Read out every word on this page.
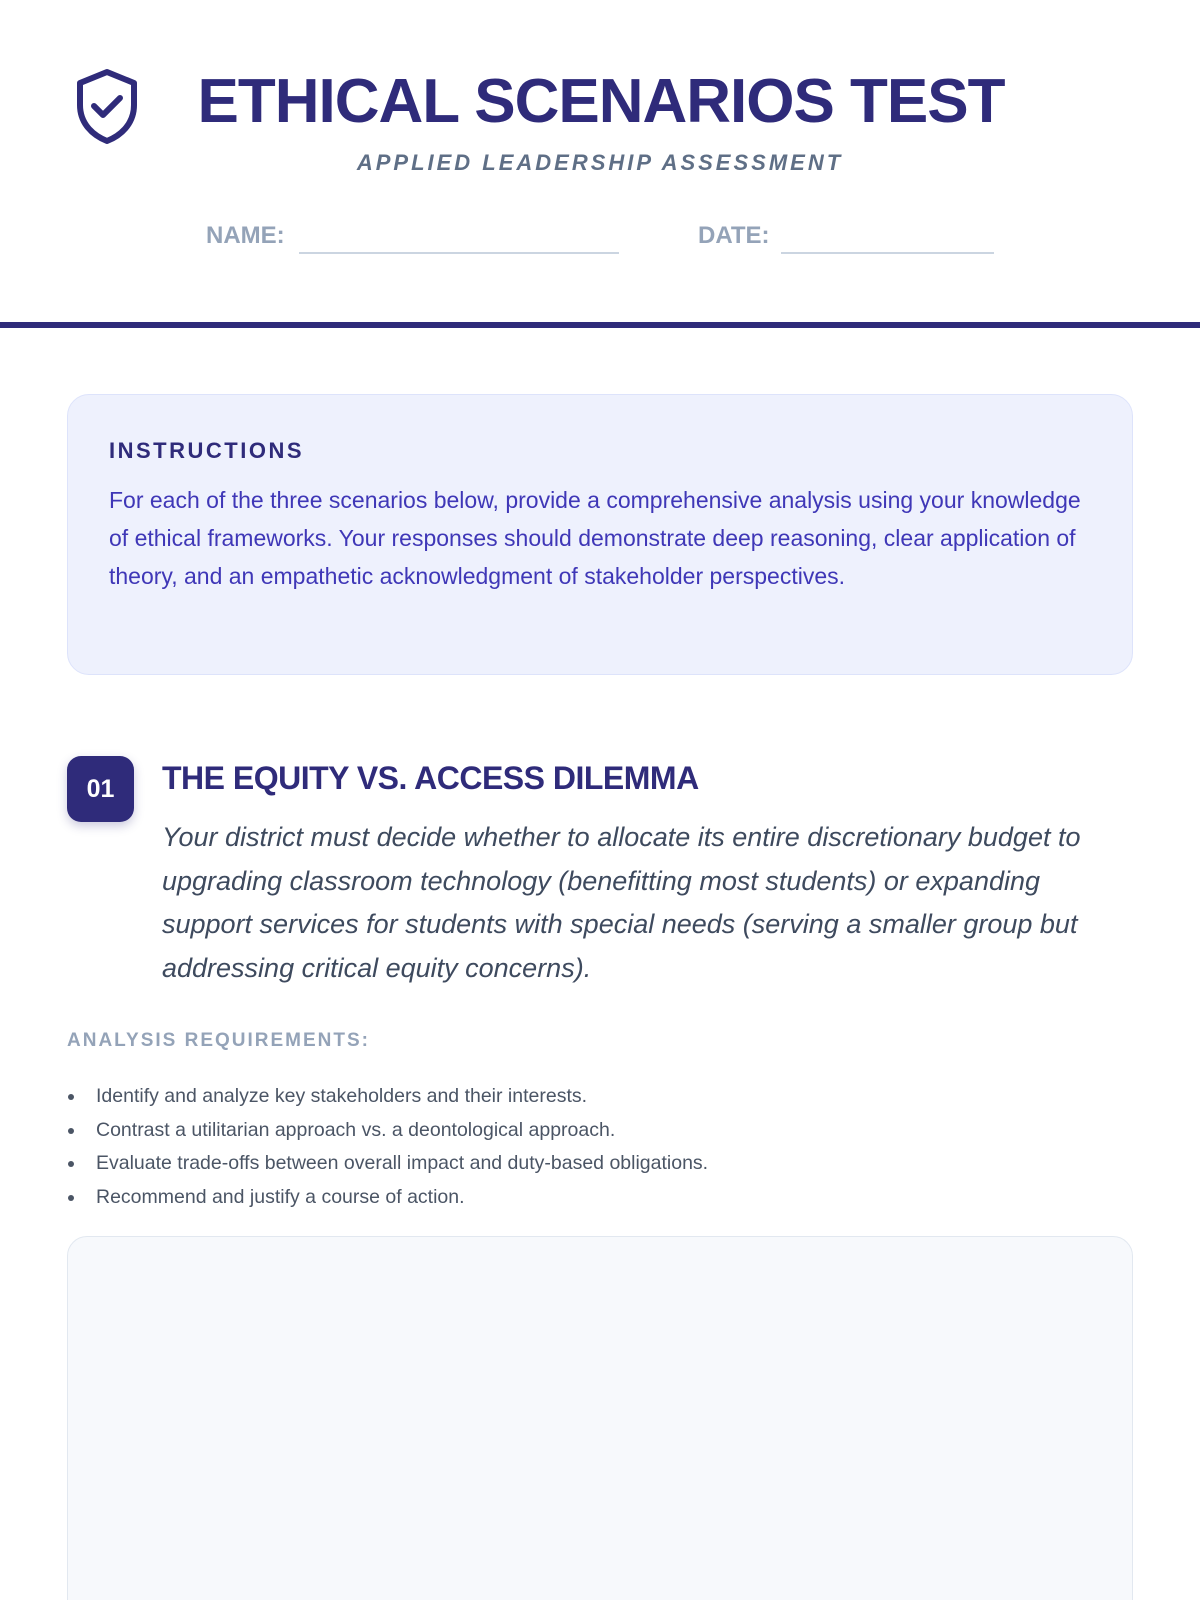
ETHICAL SCENARIOS TEST
APPLIED LEADERSHIP ASSESSMENT
NAME:	DATE:
INSTRUCTIONS

For each of the three scenarios below, provide a comprehensive analysis using your knowledge of ethical frameworks. Your responses should demonstrate deep reasoning, clear application of theory, and an empathetic acknowledgment of stakeholder perspectives.

01	THE EQUITY VS. ACCESS DILEMMA
Your district must decide whether to allocate its entire discretionary budget to upgrading classroom technology (benefitting most students) or expanding support services for students with special needs (serving a smaller group but addressing critical equity concerns).
ANALYSIS REQUIREMENTS:
Identify and analyze key stakeholders and their interests.
Contrast a utilitarian approach vs. a deontological approach.
Evaluate trade-offs between overall impact and duty-based obligations.
Recommend and justify a course of action.
